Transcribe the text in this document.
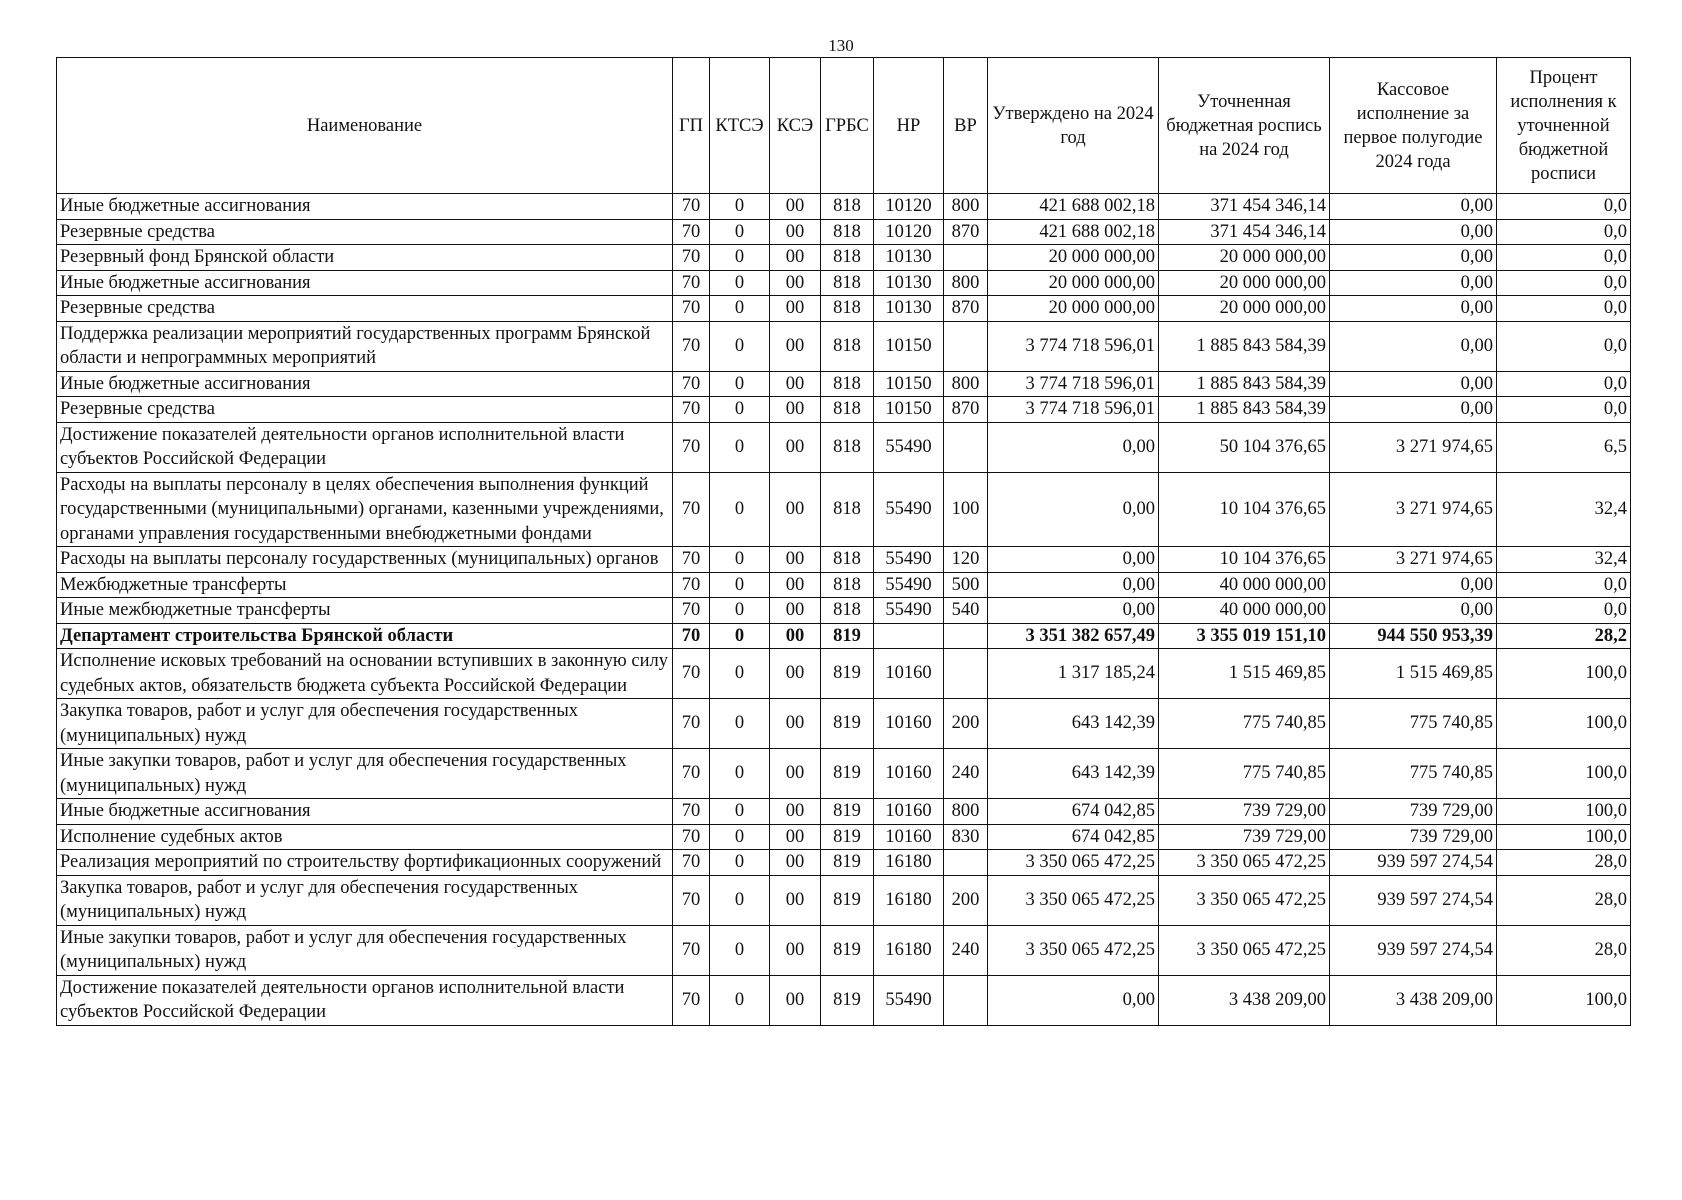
130
Наименование	ГП	КТСЭ	КСЭ	ГРБС	НР	ВР	Утверждено на 2024 год	Уточненная бюджетная роспись на 2024 год	Кассовое исполнение за первое полугодие 2024 года	Процент исполнения к уточненной бюджетной росписи
Иные бюджетные ассигнования	70	0	00	818	10120	800	421 688 002,18	371 454 346,14	0,00	0,0
Резервные средства	70	0	00	818	10120	870	421 688 002,18	371 454 346,14	0,00	0,0
Резервный фонд Брянской области	70	0	00	818	10130		20 000 000,00	20 000 000,00	0,00	0,0
Иные бюджетные ассигнования	70	0	00	818	10130	800	20 000 000,00	20 000 000,00	0,00	0,0
Резервные средства	70	0	00	818	10130	870	20 000 000,00	20 000 000,00	0,00	0,0
Поддержка реализации мероприятий государственных программ Брянской области и непрограммных мероприятий	70	0	00	818	10150		3 774 718 596,01	1 885 843 584,39	0,00	0,0
Иные бюджетные ассигнования	70	0	00	818	10150	800	3 774 718 596,01	1 885 843 584,39	0,00	0,0
Резервные средства	70	0	00	818	10150	870	3 774 718 596,01	1 885 843 584,39	0,00	0,0
Достижение показателей деятельности органов исполнительной власти субъектов Российской Федерации	70	0	00	818	55490		0,00	50 104 376,65	3 271 974,65	6,5
Расходы на выплаты персоналу в целях обеспечения выполнения функций государственными (муниципальными) органами, казенными учреждениями, органами управления государственными внебюджетными фондами	70	0	00	818	55490	100	0,00	10 104 376,65	3 271 974,65	32,4
Расходы на выплаты персоналу государственных (муниципальных) органов	70	0	00	818	55490	120	0,00	10 104 376,65	3 271 974,65	32,4
Межбюджетные трансферты	70	0	00	818	55490	500	0,00	40 000 000,00	0,00	0,0
Иные межбюджетные трансферты	70	0	00	818	55490	540	0,00	40 000 000,00	0,00	0,0
Департамент строительства Брянской области	70	0	00	819			3 351 382 657,49	3 355 019 151,10	944 550 953,39	28,2
Исполнение исковых требований на основании вступивших в законную силу судебных актов, обязательств бюджета субъекта Российской Федерации	70	0	00	819	10160		1 317 185,24	1 515 469,85	1 515 469,85	100,0
Закупка товаров, работ и услуг для обеспечения государственных (муниципальных) нужд	70	0	00	819	10160	200	643 142,39	775 740,85	775 740,85	100,0
Иные закупки товаров, работ и услуг для обеспечения государственных (муниципальных) нужд	70	0	00	819	10160	240	643 142,39	775 740,85	775 740,85	100,0
Иные бюджетные ассигнования	70	0	00	819	10160	800	674 042,85	739 729,00	739 729,00	100,0
Исполнение судебных актов	70	0	00	819	10160	830	674 042,85	739 729,00	739 729,00	100,0
Реализация мероприятий по строительству фортификационных сооружений	70	0	00	819	16180		3 350 065 472,25	3 350 065 472,25	939 597 274,54	28,0
Закупка товаров, работ и услуг для обеспечения государственных (муниципальных) нужд	70	0	00	819	16180	200	3 350 065 472,25	3 350 065 472,25	939 597 274,54	28,0
Иные закупки товаров, работ и услуг для обеспечения государственных (муниципальных) нужд	70	0	00	819	16180	240	3 350 065 472,25	3 350 065 472,25	939 597 274,54	28,0
Достижение показателей деятельности органов исполнительной власти субъектов Российской Федерации	70	0	00	819	55490		0,00	3 438 209,00	3 438 209,00	100,0
